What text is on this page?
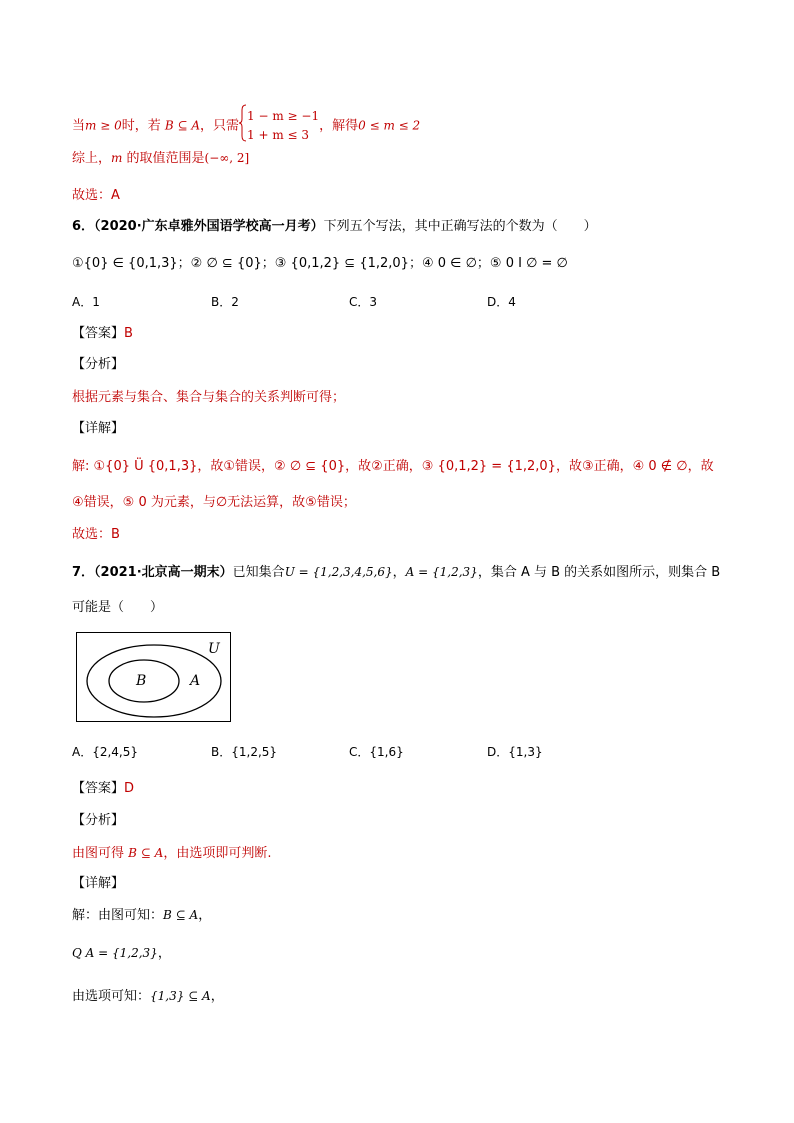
当m ≥ 0时，若 B ⊆ A，只需
1 − m ≥ −1
1 + m ≤ 3
，解得0 ≤ m ≤ 2
综上，m 的取值范围是(−∞, 2]
故选：A
6．（2020·广东卓雅外国语学校高一月考）下列五个写法，其中正确写法的个数为（　　）
①{0} ∈ {0,1,3}；② ∅ ⊆ {0}；③ {0,1,2} ⊆ {1,2,0}；④ 0 ∈ ∅；⑤ 0 I ∅ = ∅
A．1	B．2	C．3	D．4
【答案】B
【分析】
根据元素与集合、集合与集合的关系判断可得；
【详解】
解: ①{0} Ü {0,1,3}，故①错误，② ∅ ⊆ {0}，故②正确，③ {0,1,2} = {1,2,0}，故③正确，④ 0 ∉ ∅，故
④错误，⑤ 0 为元素，与∅无法运算，故⑤错误；
故选：B
7．（2021·北京高一期末）已知集合U = {1,2,3,4,5,6}，A = {1,2,3}，集合 A 与 B 的关系如图所示，则集合 B
可能是（　　）
U
A
B
A．{2,4,5}	B．{1,2,5}	C．{1,6}	D．{1,3}
【答案】D
【分析】
由图可得 B ⊆ A，由选项即可判断.
【详解】
解：由图可知：B ⊆ A，
Q A = {1,2,3}，
由选项可知：{1,3} ⊆ A，
